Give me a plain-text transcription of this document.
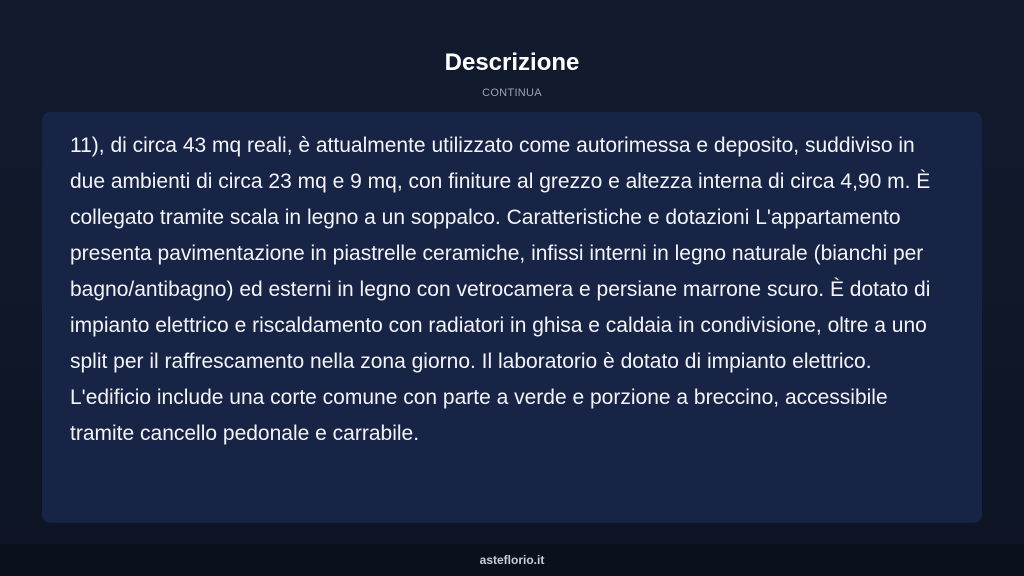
Descrizione
CONTINUA

11), di circa 43 mq reali, è attualmente utilizzato come autorimessa e deposito, suddiviso in due ambienti di circa 23 mq e 9 mq, con finiture al grezzo e altezza interna di circa 4,90 m. È collegato tramite scala in legno a un soppalco. Caratteristiche e dotazioni L'appartamento presenta pavimentazione in piastrelle ceramiche, infissi interni in legno naturale (bianchi per bagno/antibagno) ed esterni in legno con vetrocamera e persiane marrone scuro. È dotato di impianto elettrico e riscaldamento con radiatori in ghisa e caldaia in condivisione, oltre a uno split per il raffrescamento nella zona giorno. Il laboratorio è dotato di impianto elettrico. L'edificio include una corte comune con parte a verde e porzione a breccino, accessibile tramite cancello pedonale e carrabile.

asteflorio.it
